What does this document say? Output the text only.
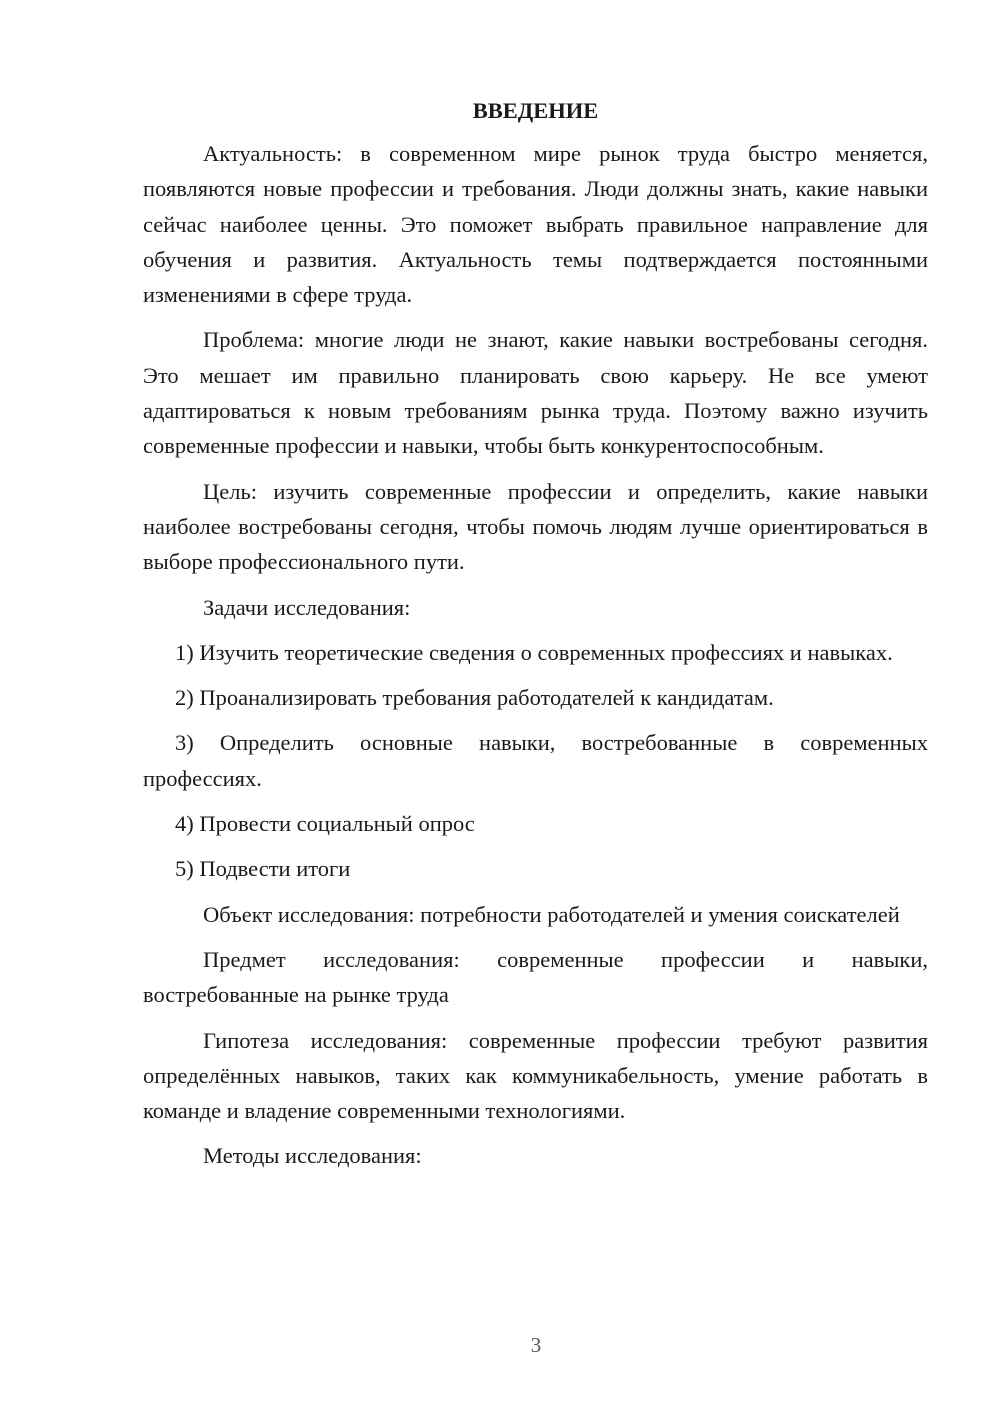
ВВЕДЕНИЕ

Актуальность: в современном мире рынок труда быстро меняется, появляются новые профессии и требования. Люди должны знать, какие навыки сейчас наиболее ценны. Это поможет выбрать правильное направление для обучения и развития. Актуальность темы подтверждается постоянными изменениями в сфере труда.

Проблема: многие люди не знают, какие навыки востребованы сегодня. Это мешает им правильно планировать свою карьеру. Не все умеют адаптироваться к новым требованиям рынка труда. Поэтому важно изучить современные профессии и навыки, чтобы быть конкурентоспособным.

Цель: изучить современные профессии и определить, какие навыки наиболее востребованы сегодня, чтобы помочь людям лучше ориентироваться в выборе профессионального пути.

Задачи исследования:

1) Изучить теоретические сведения о современных профессиях и навыках.

2) Проанализировать требования работодателей к кандидатам.

3) Определить основные навыки, востребованные в современных профессиях.

4) Провести социальный опрос

5) Подвести итоги

Объект исследования: потребности работодателей и умения соискателей

Предмет исследования: современные профессии и навыки, востребованные на рынке труда

Гипотеза исследования: современные профессии требуют развития определённых навыков, таких как коммуникабельность, умение работать в команде и владение современными технологиями.

Методы исследования:

3
